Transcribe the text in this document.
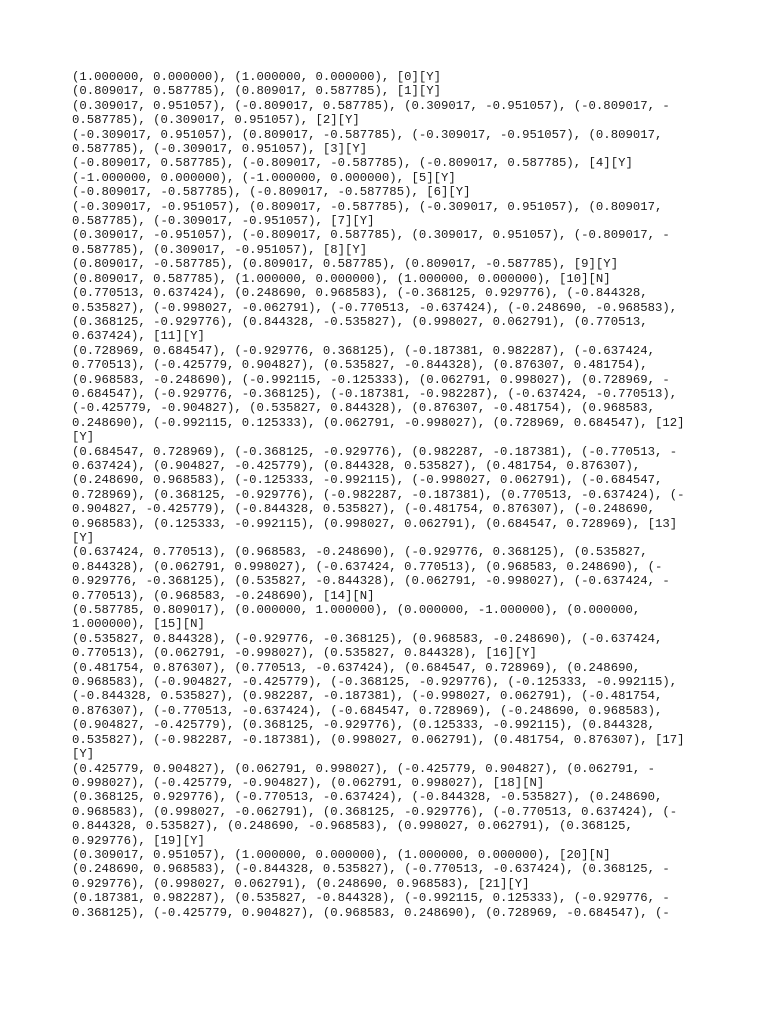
(1.000000, 0.000000), (1.000000, 0.000000), [0][Y]
(0.809017, 0.587785), (0.809017, 0.587785), [1][Y]
(0.309017, 0.951057), (-0.809017, 0.587785), (0.309017, -0.951057), (-0.809017, -
0.587785), (0.309017, 0.951057), [2][Y]
(-0.309017, 0.951057), (0.809017, -0.587785), (-0.309017, -0.951057), (0.809017,
0.587785), (-0.309017, 0.951057), [3][Y]
(-0.809017, 0.587785), (-0.809017, -0.587785), (-0.809017, 0.587785), [4][Y]
(-1.000000, 0.000000), (-1.000000, 0.000000), [5][Y]
(-0.809017, -0.587785), (-0.809017, -0.587785), [6][Y]
(-0.309017, -0.951057), (0.809017, -0.587785), (-0.309017, 0.951057), (0.809017,
0.587785), (-0.309017, -0.951057), [7][Y]
(0.309017, -0.951057), (-0.809017, 0.587785), (0.309017, 0.951057), (-0.809017, -
0.587785), (0.309017, -0.951057), [8][Y]
(0.809017, -0.587785), (0.809017, 0.587785), (0.809017, -0.587785), [9][Y]
(0.809017, 0.587785), (1.000000, 0.000000), (1.000000, 0.000000), [10][N]
(0.770513, 0.637424), (0.248690, 0.968583), (-0.368125, 0.929776), (-0.844328,
0.535827), (-0.998027, -0.062791), (-0.770513, -0.637424), (-0.248690, -0.968583),
(0.368125, -0.929776), (0.844328, -0.535827), (0.998027, 0.062791), (0.770513,
0.637424), [11][Y]
(0.728969, 0.684547), (-0.929776, 0.368125), (-0.187381, 0.982287), (-0.637424,
0.770513), (-0.425779, 0.904827), (0.535827, -0.844328), (0.876307, 0.481754),
(0.968583, -0.248690), (-0.992115, -0.125333), (0.062791, 0.998027), (0.728969, -
0.684547), (-0.929776, -0.368125), (-0.187381, -0.982287), (-0.637424, -0.770513),
(-0.425779, -0.904827), (0.535827, 0.844328), (0.876307, -0.481754), (0.968583,
0.248690), (-0.992115, 0.125333), (0.062791, -0.998027), (0.728969, 0.684547), [12]
[Y]
(0.684547, 0.728969), (-0.368125, -0.929776), (0.982287, -0.187381), (-0.770513, -
0.637424), (0.904827, -0.425779), (0.844328, 0.535827), (0.481754, 0.876307),
(0.248690, 0.968583), (-0.125333, -0.992115), (-0.998027, 0.062791), (-0.684547,
0.728969), (0.368125, -0.929776), (-0.982287, -0.187381), (0.770513, -0.637424), (-
0.904827, -0.425779), (-0.844328, 0.535827), (-0.481754, 0.876307), (-0.248690,
0.968583), (0.125333, -0.992115), (0.998027, 0.062791), (0.684547, 0.728969), [13]
[Y]
(0.637424, 0.770513), (0.968583, -0.248690), (-0.929776, 0.368125), (0.535827,
0.844328), (0.062791, 0.998027), (-0.637424, 0.770513), (0.968583, 0.248690), (-
0.929776, -0.368125), (0.535827, -0.844328), (0.062791, -0.998027), (-0.637424, -
0.770513), (0.968583, -0.248690), [14][N]
(0.587785, 0.809017), (0.000000, 1.000000), (0.000000, -1.000000), (0.000000,
1.000000), [15][N]
(0.535827, 0.844328), (-0.929776, -0.368125), (0.968583, -0.248690), (-0.637424,
0.770513), (0.062791, -0.998027), (0.535827, 0.844328), [16][Y]
(0.481754, 0.876307), (0.770513, -0.637424), (0.684547, 0.728969), (0.248690,
0.968583), (-0.904827, -0.425779), (-0.368125, -0.929776), (-0.125333, -0.992115),
(-0.844328, 0.535827), (0.982287, -0.187381), (-0.998027, 0.062791), (-0.481754,
0.876307), (-0.770513, -0.637424), (-0.684547, 0.728969), (-0.248690, 0.968583),
(0.904827, -0.425779), (0.368125, -0.929776), (0.125333, -0.992115), (0.844328,
0.535827), (-0.982287, -0.187381), (0.998027, 0.062791), (0.481754, 0.876307), [17]
[Y]
(0.425779, 0.904827), (0.062791, 0.998027), (-0.425779, 0.904827), (0.062791, -
0.998027), (-0.425779, -0.904827), (0.062791, 0.998027), [18][N]
(0.368125, 0.929776), (-0.770513, -0.637424), (-0.844328, -0.535827), (0.248690,
0.968583), (0.998027, -0.062791), (0.368125, -0.929776), (-0.770513, 0.637424), (-
0.844328, 0.535827), (0.248690, -0.968583), (0.998027, 0.062791), (0.368125,
0.929776), [19][Y]
(0.309017, 0.951057), (1.000000, 0.000000), (1.000000, 0.000000), [20][N]
(0.248690, 0.968583), (-0.844328, 0.535827), (-0.770513, -0.637424), (0.368125, -
0.929776), (0.998027, 0.062791), (0.248690, 0.968583), [21][Y]
(0.187381, 0.982287), (0.535827, -0.844328), (-0.992115, 0.125333), (-0.929776, -
0.368125), (-0.425779, 0.904827), (0.968583, 0.248690), (0.728969, -0.684547), (-
